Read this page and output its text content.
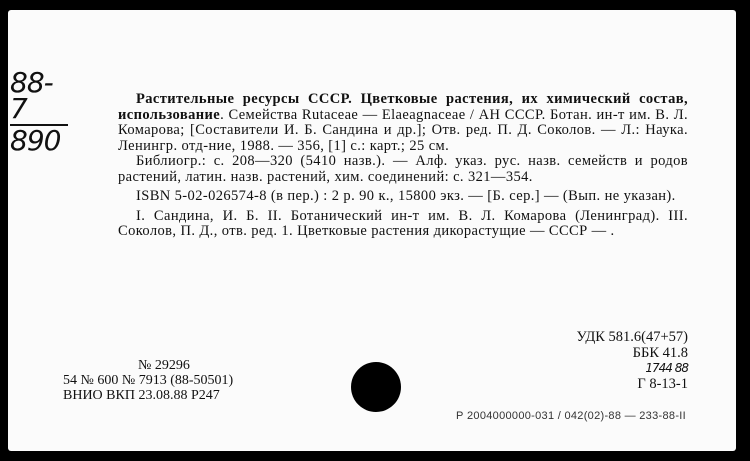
88-7
890

Растительные ресурсы СССР. Цветковые растения, их химический состав, использование. Семейства Rutaceae — Elaeagnaceae / АН СССР. Ботан. ин-т им. В. Л. Комарова; [Составители И. Б. Сандина и др.]; Отв. ред. П. Д. Соколов. — Л.: Наука. Ленингр. отд-ние, 1988. — 356, [1] с.: карт.; 25 см.

Библиогр.: с. 208—320 (5410 назв.). — Алф. указ. рус. назв. семейств и родов растений, латин. назв. растений, хим. соединений: с. 321—354.

ISBN 5-02-026574-8 (в пер.) : 2 р. 90 к., 15800 экз. — [Б. сер.] — (Вып. не указан).

I. Сандина, И. Б. II. Ботанический ин-т им. В. Л. Комарова (Ленинград). III. Соколов, П. Д., отв. ред. 1. Цветковые растения дикорастущие — СССР — .

УДК 581.6(47+57)
ББК 41.8
1744 88
Г 8-13-1
№ 29296
54 № 600 № 7913 (88-50501)
ВНИО ВКП 23.08.88 Р247
Р 2004000000-031 / 042(02)-88 — 233-88-II
